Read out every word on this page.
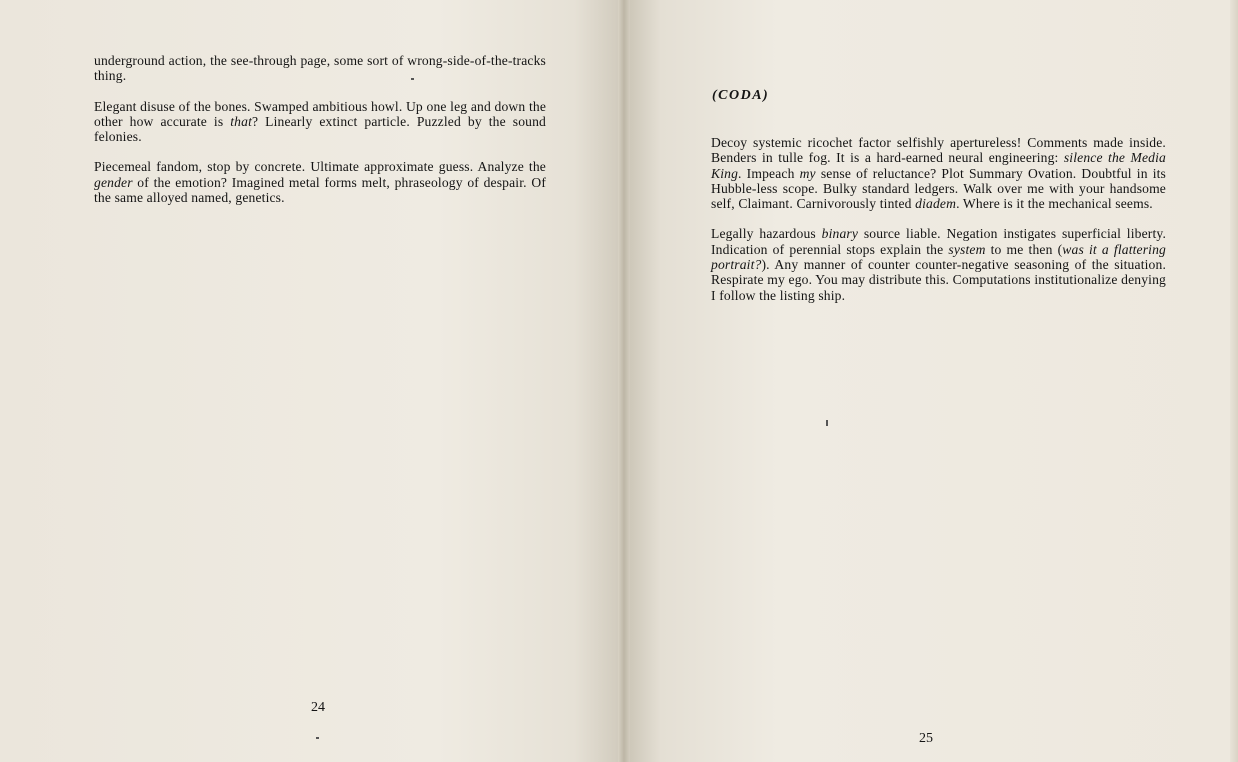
underground action, the see-through page, some sort of wrong-side-of-the-tracks thing.

Elegant disuse of the bones. Swamped ambitious howl. Up one leg and down the other how accurate is that? Linearly extinct particle. Puzzled by the sound felonies.

Piecemeal fandom, stop by concrete. Ultimate approximate guess. Analyze the gender of the emotion? Imagined metal forms melt, phraseology of despair. Of the same alloyed named, genetics.

24
(CODA)

Decoy systemic ricochet factor selfishly apertureless! Comments made inside. Benders in tulle fog. It is a hard-earned neural engineering: silence the Media King. Impeach my sense of reluctance? Plot Summary Ovation. Doubtful in its Hubble-less scope. Bulky standard ledgers. Walk over me with your handsome self, Claimant. Carnivorously tinted diadem. Where is it the mechanical seems.

Legally hazardous binary source liable. Negation instigates superficial liberty. Indication of perennial stops explain the system to me then (was it a flattering portrait?). Any manner of counter counter-negative seasoning of the situation. Respirate my ego. You may distribute this. Computations institutionalize denying I follow the listing ship.

25
